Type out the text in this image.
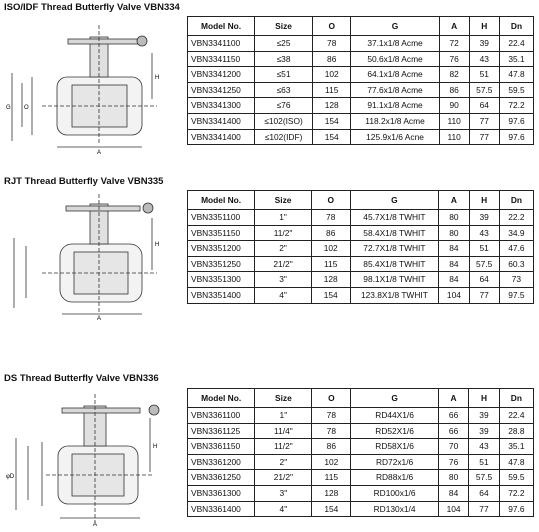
ISO/IDF Thread Butterfly Valve VBN334
G O
H
A
Model No.	Size	O	G	A	H	Dn
VBN3341100	≤25	78	37.1x1/8 Acme	72	39	22.4
VBN3341150	≤38	86	50.6x1/8 Acme	76	43	35.1
VBN3341200	≤51	102	64.1x1/8 Acme	82	51	47.8
VBN3341250	≤63	115	77.6x1/8 Acme	86	57.5	59.5
VBN3341300	≤76	128	91.1x1/8 Acme	90	64	72.2
VBN3341400	≤102(ISO)	154	118.2x1/8 Acme	110	77	97.6
VBN3341400	≤102(IDF)	154	125.9x1/6 Acne	110	77	97.6
RJT Thread Butterfly Valve VBN335
H
A
Model No.	Size	O	G	A	H	Dn
VBN3351100	1"	78	45.7X1/8 TWHIT	80	39	22.2
VBN3351150	11/2"	86	58.4X1/8 TWHIT	80	43	34.9
VBN3351200	2"	102	72.7X1/8 TWHIT	84	51	47.6
VBN3351250	21/2"	115	85.4X1/8 TWHIT	84	57.5	60.3
VBN3351300	3"	128	98.1X1/8 TWHIT	84	64	73
VBN3351400	4"	154	123.8X1/8 TWHIT	104	77	97.5
DS Thread Butterfly Valve VBN336
φD
H
A
Model No.	Size	O	G	A	H	Dn
VBN3361100	1"	78	RD44X1/6	66	39	22.4
VBN3361125	11/4"	78	RD52X1/6	66	39	28.8
VBN3361150	11/2"	86	RD58X1/6	70	43	35.1
VBN3361200	2"	102	RD72x1/6	76	51	47.8
VBN3361250	21/2"	115	RD88x1/6	80	57.5	59.5
VBN3361300	3"	128	RD100x1/6	84	64	72.2
VBN3361400	4"	154	RD130x1/4	104	77	97.6
